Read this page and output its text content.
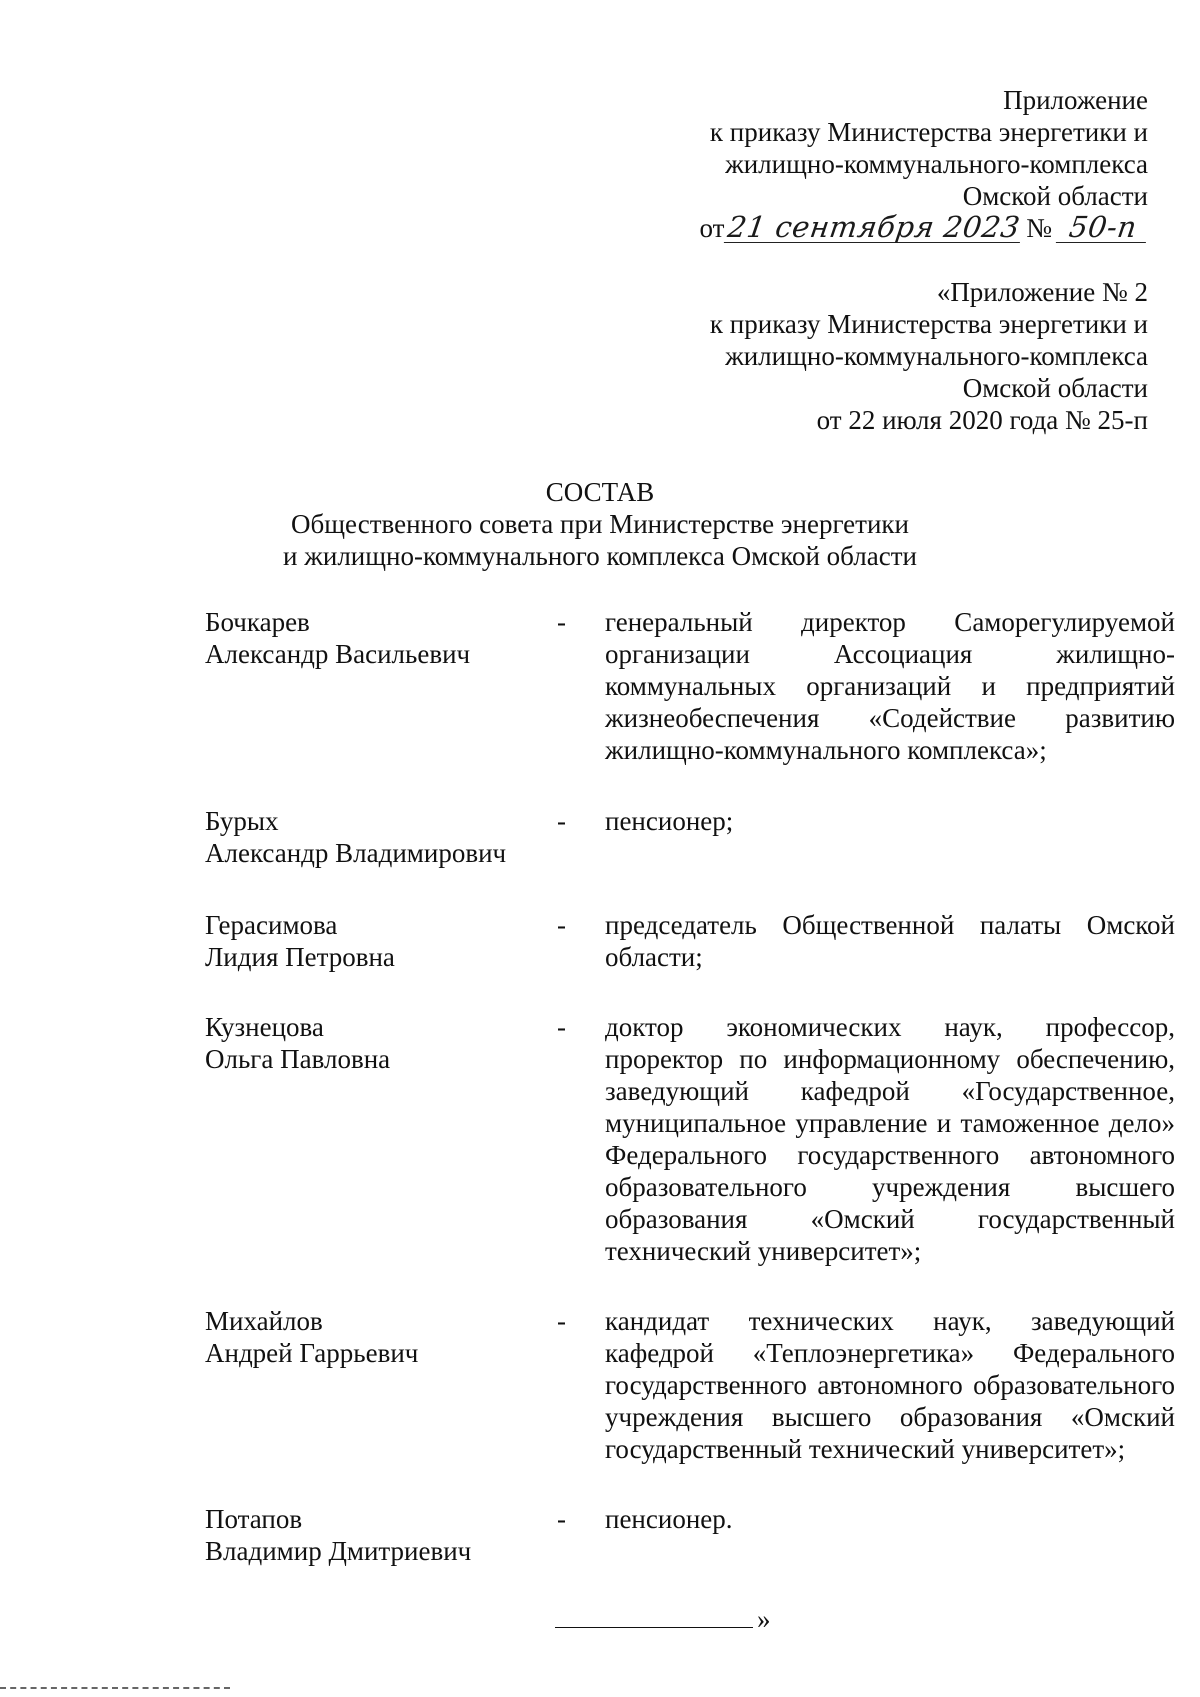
Приложение
к приказу Министерства энергетики и
жилищно-коммунального-комплекса
Омской области
от 21 сентября 2023 № 50-п
«Приложение № 2
к приказу Министерства энергетики и
жилищно-коммунального-комплекса
Омской области
от 22 июля 2020 года № 25-п
СОСТАВ
Общественного совета при Министерстве энергетики
и жилищно-коммунального комплекса Омской области
Бочкарев
Александр Васильевич
-	генеральный директор Саморегулируемой организации Ассоциация жилищно-коммунальных организаций и предприятий жизнеобеспечения «Содействие развитию жилищно-коммунального комплекса»;
Бурых
Александр Владимирович
-	пенсионер;
Герасимова
Лидия Петровна
-	председатель Общественной палаты Омской области;
Кузнецова
Ольга Павловна
-	доктор экономических наук, профессор, проректор по информационному обеспечению, заведующий кафедрой «Государственное, муниципальное управление и таможенное дело» Федерального государственного автономного образовательного учреждения высшего образования «Омский государственный технический университет»;
Михайлов
Андрей Гаррьевич
-	кандидат технических наук, заведующий кафедрой «Теплоэнергетика» Федерального государственного автономного образовательного учреждения высшего образования «Омский государственный технический университет»;
Потапов
Владимир Дмитриевич
-	пенсионер.
»
